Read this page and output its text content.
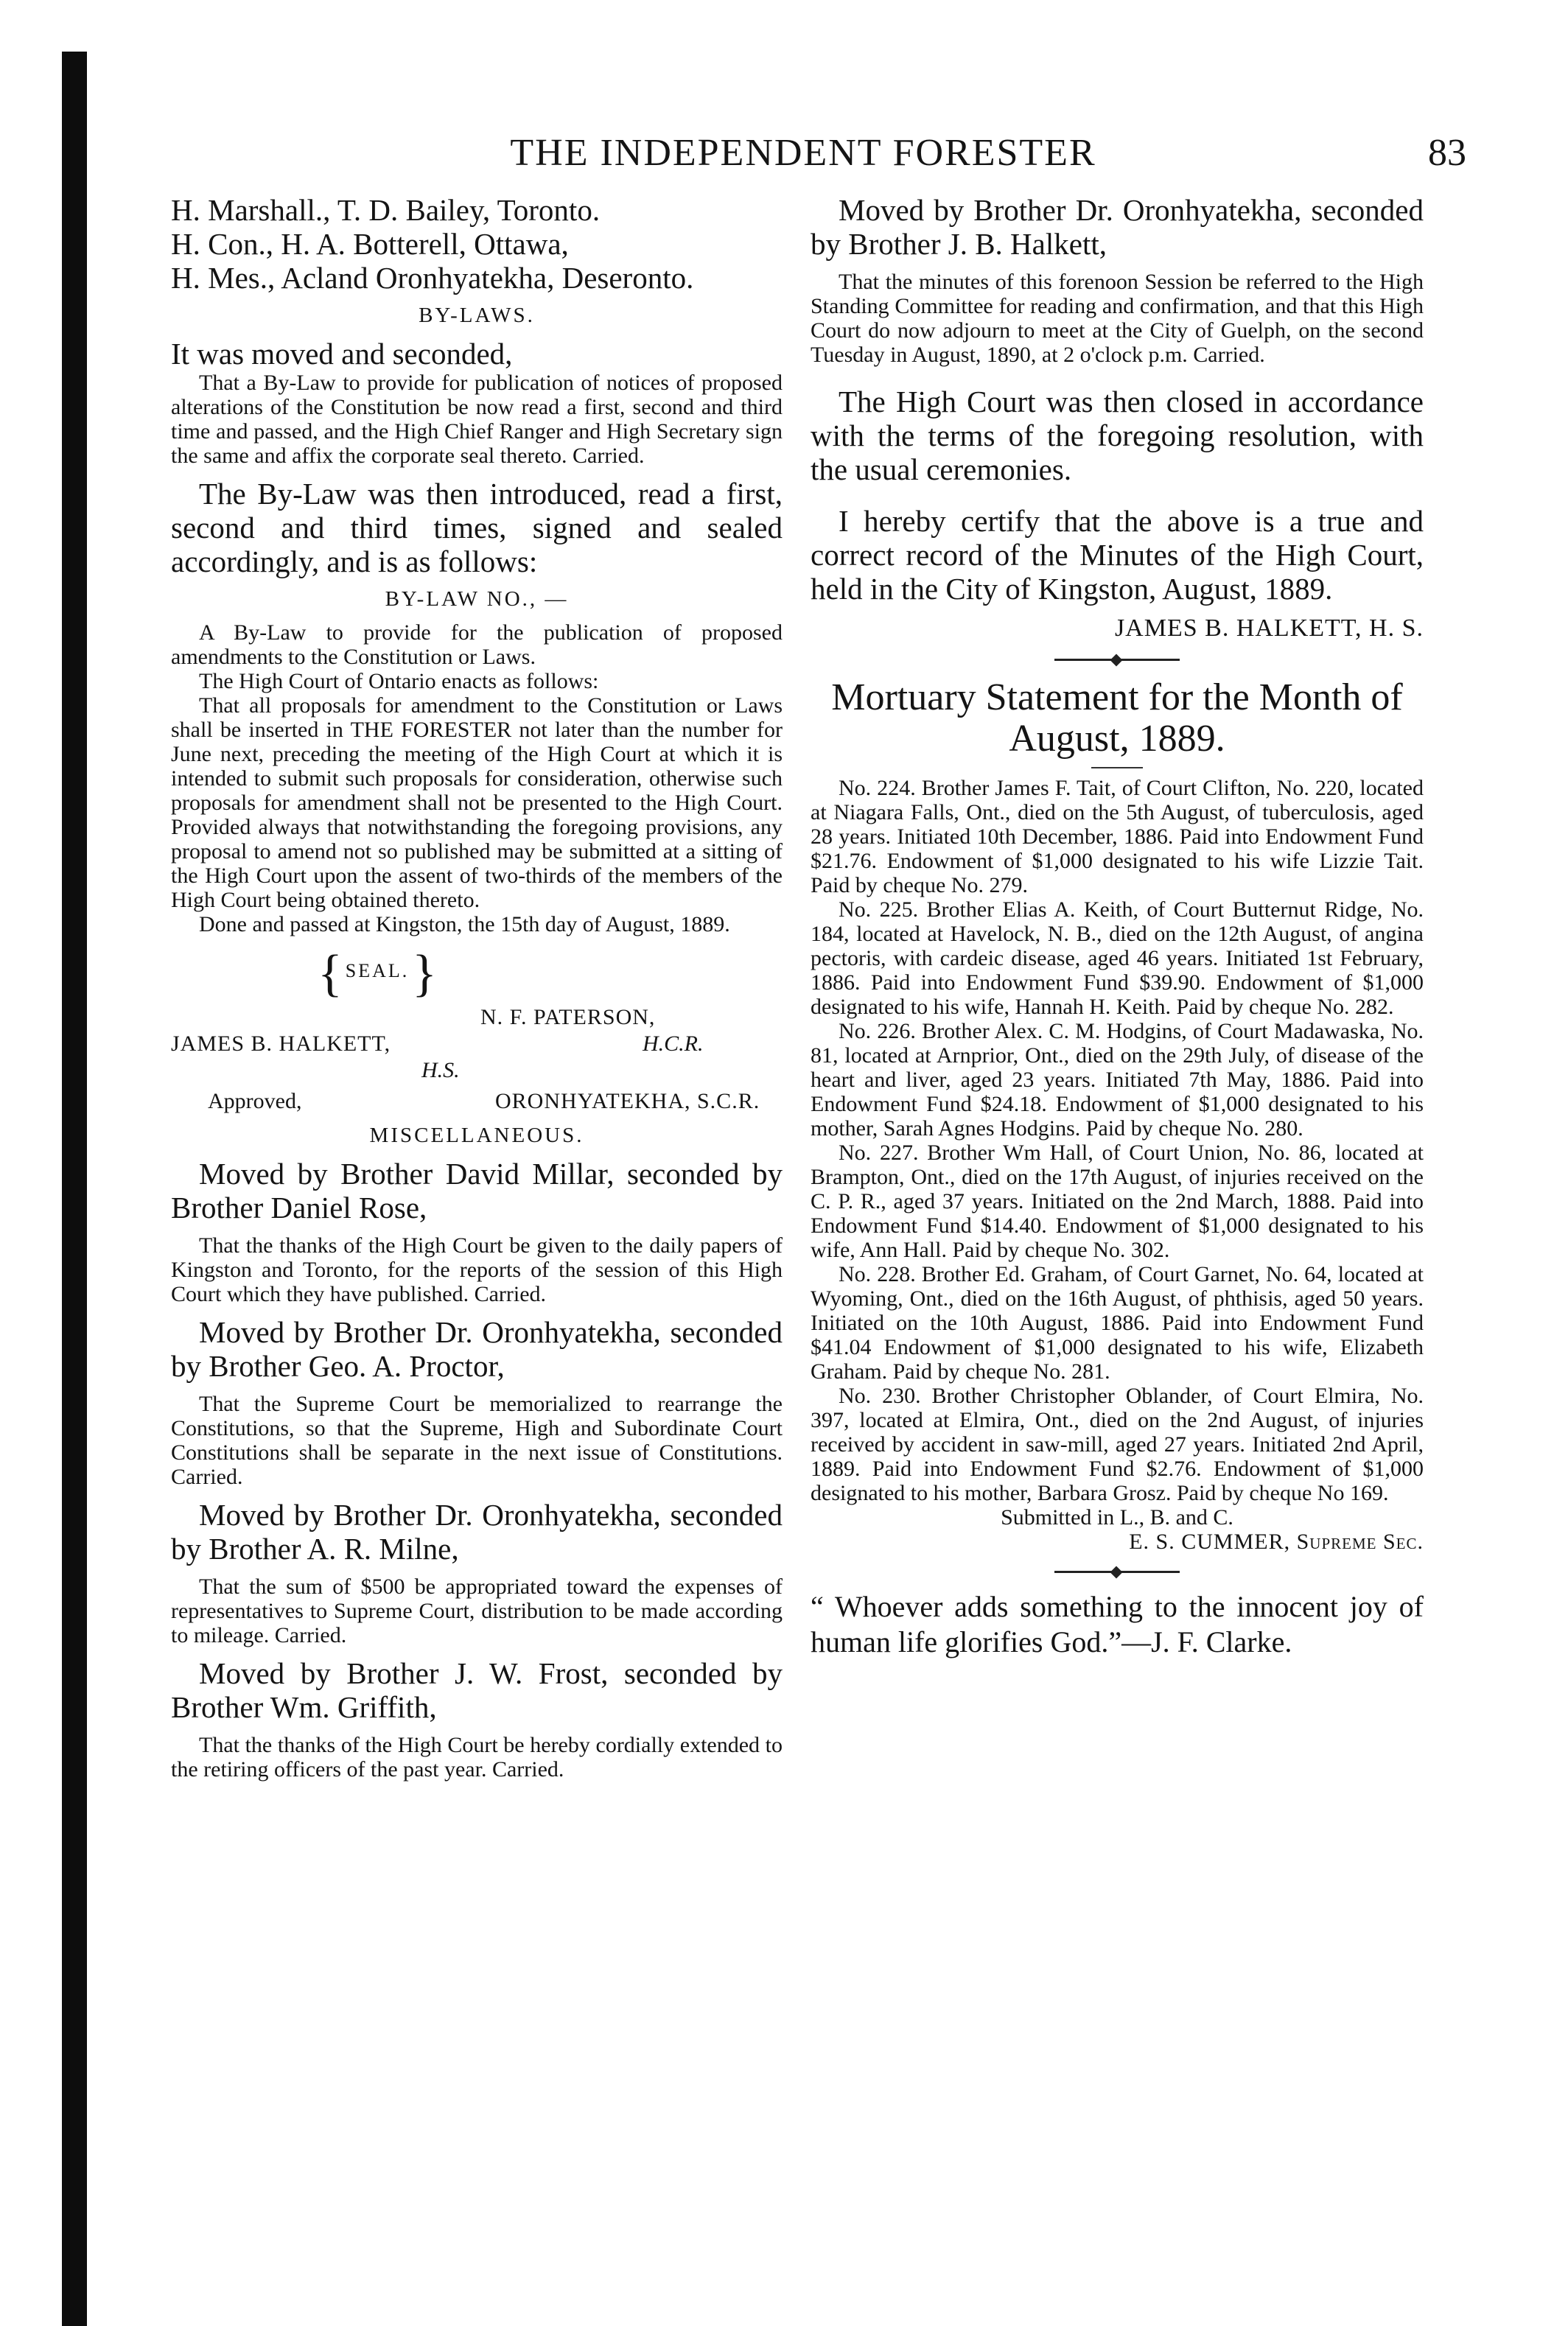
THE INDEPENDENT FORESTER	83

H. Marshall., T. D. Bailey, Toronto.

H. Con., H. A. Botterell, Ottawa,

H. Mes., Acland Oronhyatekha, Deseronto.

BY-LAWS.

It was moved and seconded,

That a By-Law to provide for publication of notices of proposed alterations of the Constitution be now read a first, second and third time and passed, and the High Chief Ranger and High Secretary sign the same and affix the corporate seal thereto. Carried.

The By-Law was then introduced, read a first, second and third times, signed and sealed accordingly, and is as follows:

BY-LAW NO., —

A By-Law to provide for the publication of proposed amendments to the Constitution or Laws.

The High Court of Ontario enacts as follows:

That all proposals for amendment to the Constitution or Laws shall be inserted in THE FORESTER not later than the number for June next, preceding the meeting of the High Court at which it is intended to submit such proposals for consideration, otherwise such proposals for amendment shall not be presented to the High Court. Provided always that notwithstanding the foregoing provisions, any proposal to amend not so published may be submitted at a sitting of the High Court upon the assent of two-thirds of the members of the High Court being obtained thereto.

Done and passed at Kingston, the 15th day of August, 1889.

{ SEAL. }
N. F. PATERSON,
JAMES B. HALKETT,	H.C.R.
H.S.
Approved,	ORONHYATEKHA, S.C.R.

MISCELLANEOUS.

Moved by Brother David Millar, seconded by Brother Daniel Rose,

That the thanks of the High Court be given to the daily papers of Kingston and Toronto, for the reports of the session of this High Court which they have published. Carried.

Moved by Brother Dr. Oronhyatekha, seconded by Brother Geo. A. Proctor,

That the Supreme Court be memorialized to rearrange the Constitutions, so that the Supreme, High and Subordinate Court Constitutions shall be separate in the next issue of Constitutions. Carried.

Moved by Brother Dr. Oronhyatekha, seconded by Brother A. R. Milne,

That the sum of $500 be appropriated toward the expenses of representatives to Supreme Court, distribution to be made according to mileage. Carried.

Moved by Brother J. W. Frost, seconded by Brother Wm. Griffith,

That the thanks of the High Court be hereby cordially extended to the retiring officers of the past year. Carried.

Moved by Brother Dr. Oronhyatekha, seconded by Brother J. B. Halkett,

That the minutes of this forenoon Session be referred to the High Standing Committee for reading and confirmation, and that this High Court do now adjourn to meet at the City of Guelph, on the second Tuesday in August, 1890, at 2 o'clock p.m. Carried.

The High Court was then closed in accordance with the terms of the foregoing resolution, with the usual ceremonies.

I hereby certify that the above is a true and correct record of the Minutes of the High Court, held in the City of Kingston, August, 1889.

JAMES B. HALKETT, H. S.

Mortuary Statement for the Month of August, 1889.

No. 224. Brother James F. Tait, of Court Clifton, No. 220, located at Niagara Falls, Ont., died on the 5th August, of tuberculosis, aged 28 years. Initiated 10th December, 1886. Paid into Endowment Fund $21.76. Endowment of $1,000 designated to his wife Lizzie Tait. Paid by cheque No. 279.

No. 225. Brother Elias A. Keith, of Court Butternut Ridge, No. 184, located at Havelock, N. B., died on the 12th August, of angina pectoris, with cardeic disease, aged 46 years. Initiated 1st February, 1886. Paid into Endowment Fund $39.90. Endowment of $1,000 designated to his wife, Hannah H. Keith. Paid by cheque No. 282.

No. 226. Brother Alex. C. M. Hodgins, of Court Madawaska, No. 81, located at Arnprior, Ont., died on the 29th July, of disease of the heart and liver, aged 23 years. Initiated 7th May, 1886. Paid into Endowment Fund $24.18. Endowment of $1,000 designated to his mother, Sarah Agnes Hodgins. Paid by cheque No. 280.

No. 227. Brother Wm Hall, of Court Union, No. 86, located at Brampton, Ont., died on the 17th August, of injuries received on the C. P. R., aged 37 years. Initiated on the 2nd March, 1888. Paid into Endowment Fund $14.40. Endowment of $1,000 designated to his wife, Ann Hall. Paid by cheque No. 302.

No. 228. Brother Ed. Graham, of Court Garnet, No. 64, located at Wyoming, Ont., died on the 16th August, of phthisis, aged 50 years. Initiated on the 10th August, 1886. Paid into Endowment Fund $41.04 Endowment of $1,000 designated to his wife, Elizabeth Graham. Paid by cheque No. 281.

No. 230. Brother Christopher Oblander, of Court Elmira, No. 397, located at Elmira, Ont., died on the 2nd August, of injuries received by accident in saw-mill, aged 27 years. Initiated 2nd April, 1889. Paid into Endowment Fund $2.76. Endowment of $1,000 designated to his mother, Barbara Grosz. Paid by cheque No 169.

Submitted in L., B. and C.

E. S. CUMMER, Supreme Sec.

“ Whoever adds something to the innocent joy of human life glorifies God.”—J. F. Clarke.
